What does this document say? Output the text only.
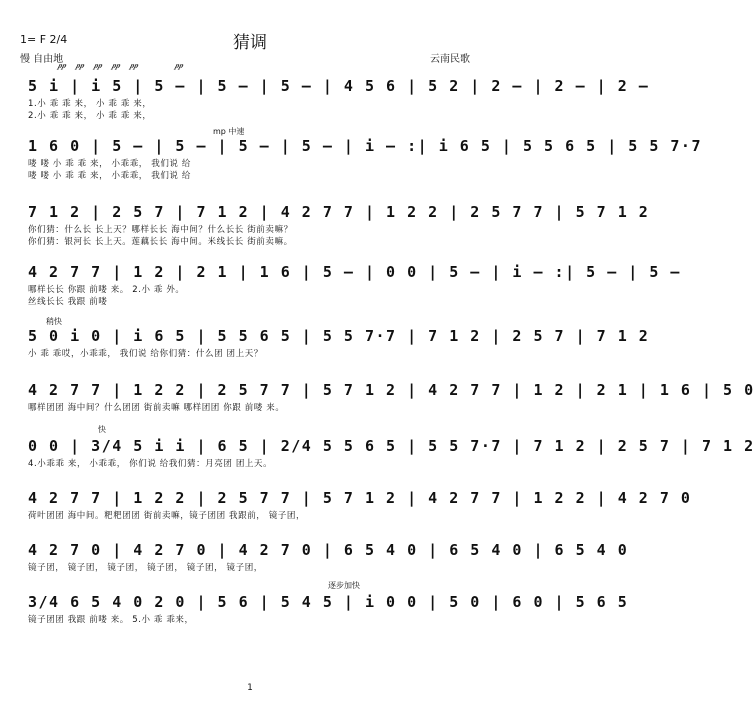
猜调
1= F 2/4
慢 自由地	云南民歌
𝆏𝆏 𝆏𝆏 𝆏𝆏 𝆏𝆏 𝆏𝆏	𝆏𝆏
5 i | i 5 | 5 – | 5 – | 5 – | 4 5 6 | 5 2 | 2 – | 2 – | 2 –
1.小 乖 乖 来， 小 乖 乖 来，
2.小 乖 乖 来， 小 乖 乖 来，
mp 中速
1 6 0 | 5 – | 5 – | 5 – | 5 – | i – :| i 6 5 | 5 5 6 5 | 5 5 7·7
喽 喽 小 乖 乖 来， 小乖乖， 我们说 给
喽 喽 小 乖 乖 来， 小乖乖， 我们说 给
7 1 2 | 2 5 7 | 7 1 2 | 4 2 7 7 | 1 2 2 | 2 5 7 7 | 5 7 1 2
你们猜：什么长 长上天？哪样长长 海中间？什么长长 街前卖嘛？
你们猜：银河长 长上天。莲藕长长 海中间。米线长长 街前卖嘛。
4 2 7 7 | 1 2 | 2 1 | 1 6 | 5 – | 0 0 | 5 – | i – :| 5 – | 5 –
哪样长长 你跟 前喽 来。 2.小 乖 外。
丝线长长 我跟 前喽
稍快
5 0 i 0 | i 6 5 | 5 5 6 5 | 5 5 7·7 | 7 1 2 | 2 5 7 | 7 1 2
小 乖 乖哎，小乖乖， 我们说 给你们猜：什么团 团上天？
4 2 7 7 | 1 2 2 | 2 5 7 7 | 5 7 1 2 | 4 2 7 7 | 1 2 | 2 1 | 1 6 | 5 0
哪样团团 海中间？什么团团 街前卖嘛 哪样团团 你跟 前喽 来。
快
0 0 | 3/4 5 i i | 6 5 | 2/4 5 5 6 5 | 5 5 7·7 | 7 1 2 | 2 5 7 | 7 1 2
4.小乖乖 来， 小乖乖， 你们说 给我们猜：月亮团 团上天。
4 2 7 7 | 1 2 2 | 2 5 7 7 | 5 7 1 2 | 4 2 7 7 | 1 2 2 | 4 2 7 0
荷叶团团 海中间。粑粑团团 街前卖嘛，镜子团团 我跟前， 镜子团，
4 2 7 0 | 4 2 7 0 | 4 2 7 0 | 6 5 4 0 | 6 5 4 0 | 6 5 4 0
镜子团， 镜子团， 镜子团， 镜子团， 镜子团， 镜子团，
逐步加快
3/4 6 5 4 0 2 0 | 5 6 | 5 4 5 | i 0 0 | 5 0 | 6 0 | 5 6 5
镜子团团 我跟 前喽 来。 5.小 乖 乖来，
1
